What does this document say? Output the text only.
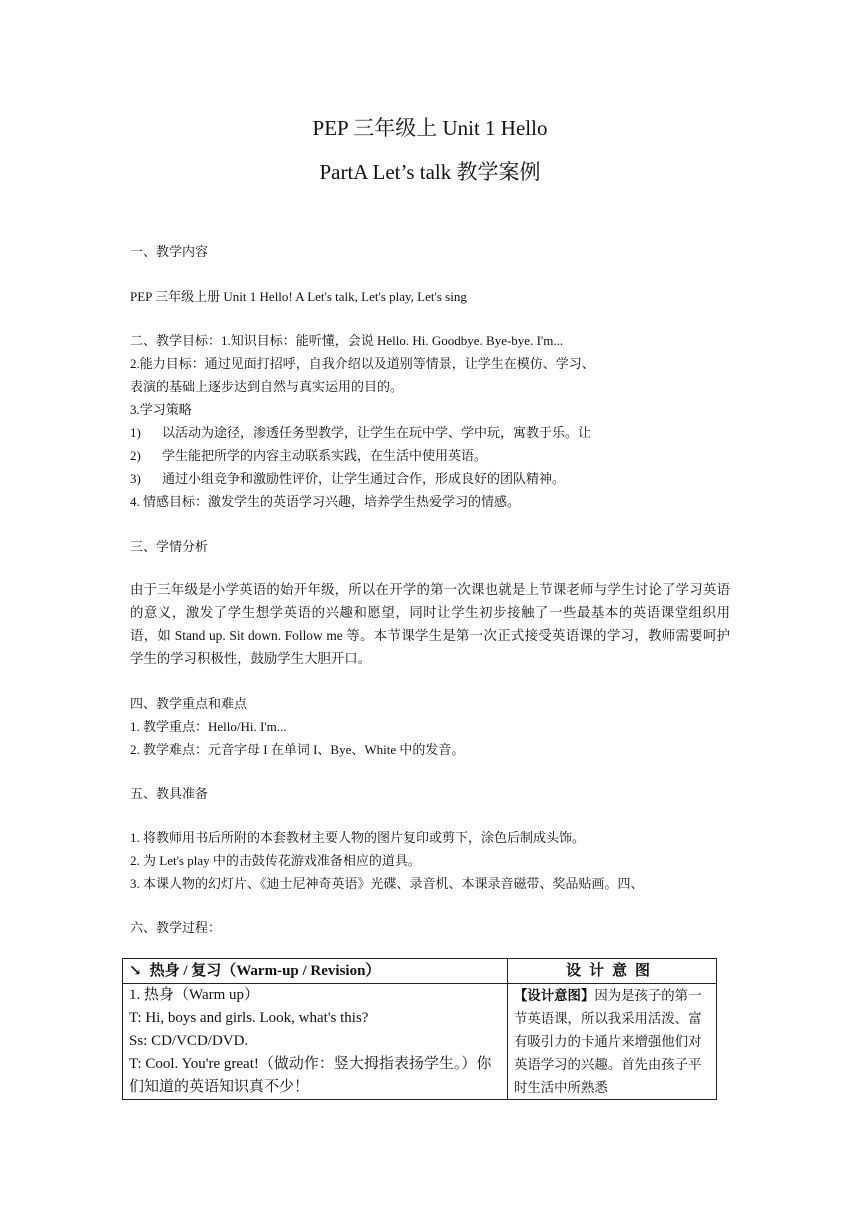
PEP 三年级上 Unit 1 Hello
PartA Let’s talk 教学案例
一、教学内容
PEP 三年级上册 Unit 1 Hello! A Let's talk, Let's play, Let's sing
二、教学目标：1.知识目标：能听懂，会说 Hello. Hi. Goodbye. Bye-bye. I'm...
2.能力目标：通过见面打招呼，自我介绍以及道别等情景，让学生在模仿、学习、
表演的基础上逐步达到自然与真实运用的目的。
3.学习策略
1) 以活动为途径，渗透任务型教学，让学生在玩中学、学中玩，寓教于乐。让
2) 学生能把所学的内容主动联系实践，在生活中使用英语。
3) 通过小组竞争和激励性评价，让学生通过合作，形成良好的团队精神。
4. 情感目标：激发学生的英语学习兴趣，培养学生热爱学习的情感。
三、学情分析
由于三年级是小学英语的始开年级，所以在开学的第一次课也就是上节课老师与学生讨论了学习英语的意义，激发了学生想学英语的兴趣和愿望，同时让学生初步接触了一些最基本的英语课堂组织用语，如 Stand up. Sit down. Follow me 等。本节课学生是第一次正式接受英语课的学习，教师需要呵护学生的学习积极性，鼓励学生大胆开口。
四、教学重点和难点
1. 教学重点：Hello/Hi. I'm...
2. 教学难点：元音字母 I 在单词 I、Bye、White 中的发音。
五、教具准备
1. 将教师用书后所附的本套教材主要人物的图片复印或剪下，涂色后制成头饰。
2. 为 Let's play 中的击鼓传花游戏准备相应的道具。
3. 本课人物的幻灯片、《迪士尼神奇英语》光碟、录音机、本课录音磁带、奖品贴画。四、
六、教学过程：
↘ 热身 / 复习（Warm-up / Revision）	设计意图

1. 热身（Warm up）
T: Hi, boys and girls. Look, what's this?
Ss: CD/VCD/DVD.
T: Cool. You're great!（做动作：竖大拇指表扬学生。）你们知道的英语知识真不少！	【设计意图】因为是孩子的第一节英语课，所以我采用活泼、富有吸引力的卡通片来增强他们对英语学习的兴趣。首先由孩子平时生活中所熟悉
